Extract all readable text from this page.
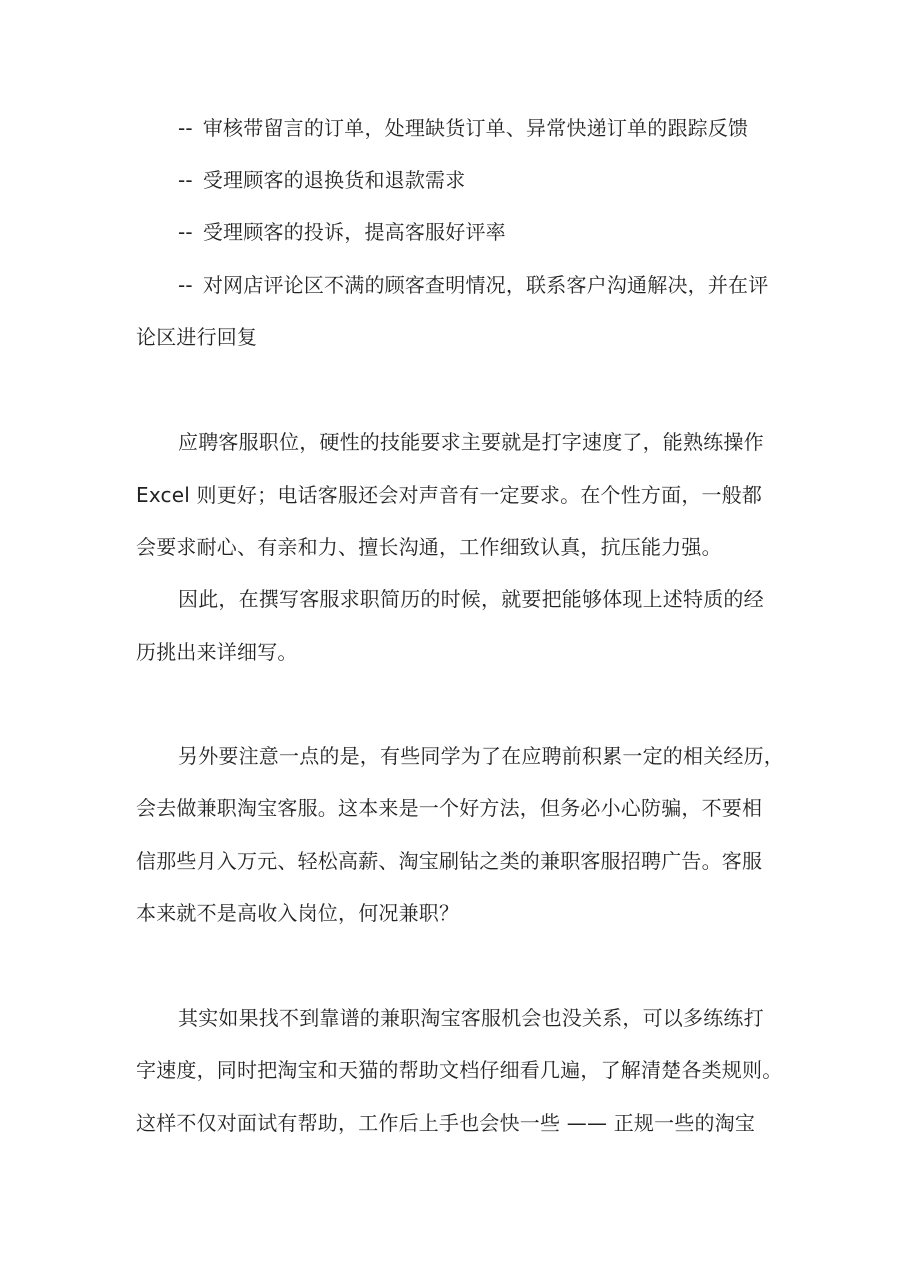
-- 审核带留言的订单，处理缺货订单、异常快递订单的跟踪反馈
-- 受理顾客的退换货和退款需求
-- 受理顾客的投诉，提高客服好评率
-- 对网店评论区不满的顾客查明情况，联系客户沟通解决，并在评
论区进行回复
应聘客服职位，硬性的技能要求主要就是打字速度了，能熟练操作
Excel 则更好；电话客服还会对声音有一定要求。在个性方面，一般都
会要求耐心、有亲和力、擅长沟通，工作细致认真，抗压能力强。
因此，在撰写客服求职简历的时候，就要把能够体现上述特质的经
历挑出来详细写。
另外要注意一点的是，有些同学为了在应聘前积累一定的相关经历，
会去做兼职淘宝客服。这本来是一个好方法，但务必小心防骗，不要相
信那些月入万元、轻松高薪、淘宝刷钻之类的兼职客服招聘广告。客服
本来就不是高收入岗位，何况兼职？
其实如果找不到靠谱的兼职淘宝客服机会也没关系，可以多练练打
字速度，同时把淘宝和天猫的帮助文档仔细看几遍，了解清楚各类规则。
这样不仅对面试有帮助，工作后上手也会快一些 —— 正规一些的淘宝
